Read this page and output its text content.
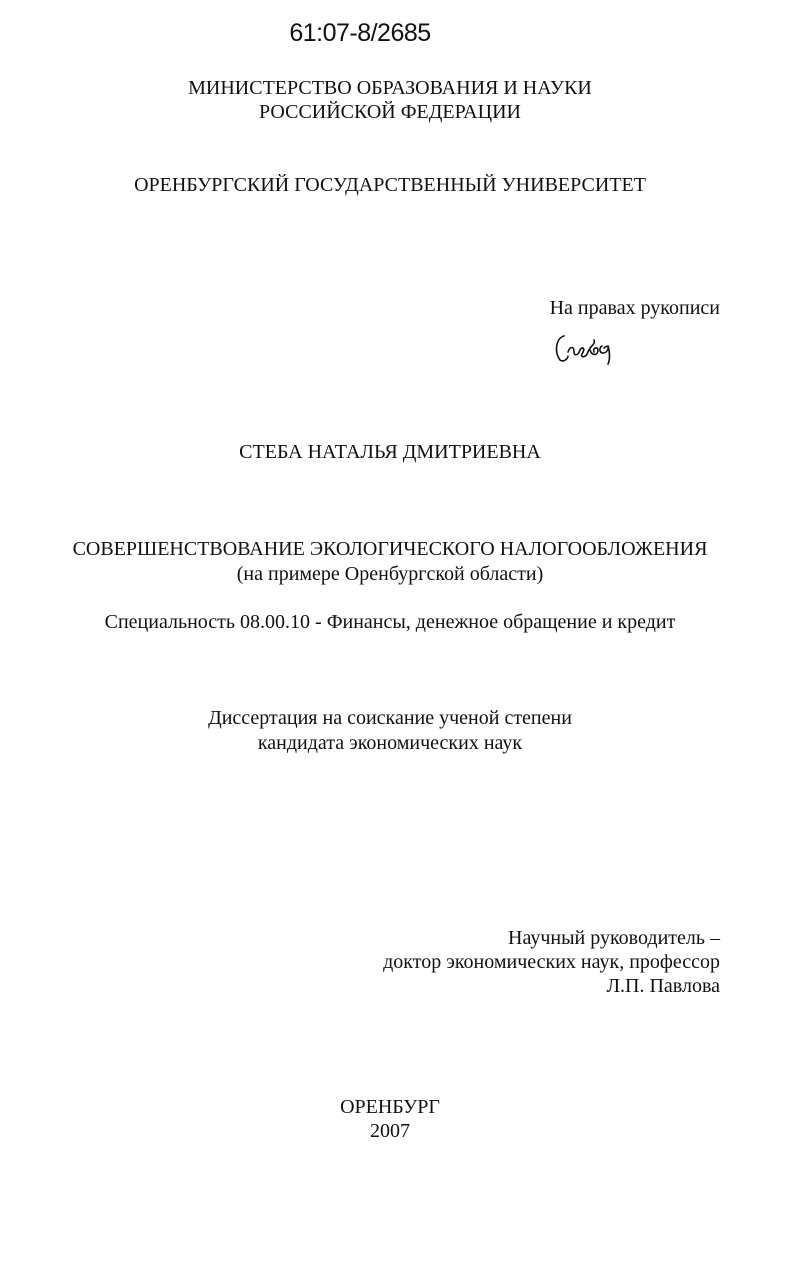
61:07-8/2685
МИНИСТЕРСТВО ОБРАЗОВАНИЯ И НАУКИ
РОССИЙСКОЙ ФЕДЕРАЦИИ
ОРЕНБУРГСКИЙ ГОСУДАРСТВЕННЫЙ УНИВЕРСИТЕТ
На правах рукописи
СТЕБА НАТАЛЬЯ ДМИТРИЕВНА
СОВЕРШЕНСТВОВАНИЕ ЭКОЛОГИЧЕСКОГО НАЛОГООБЛОЖЕНИЯ
(на примере Оренбургской области)
Специальность 08.00.10 - Финансы, денежное обращение и кредит
Диссертация на соискание ученой степени
кандидата экономических наук
Научный руководитель –
доктор экономических наук, профессор
Л.П. Павлова
ОРЕНБУРГ
2007
